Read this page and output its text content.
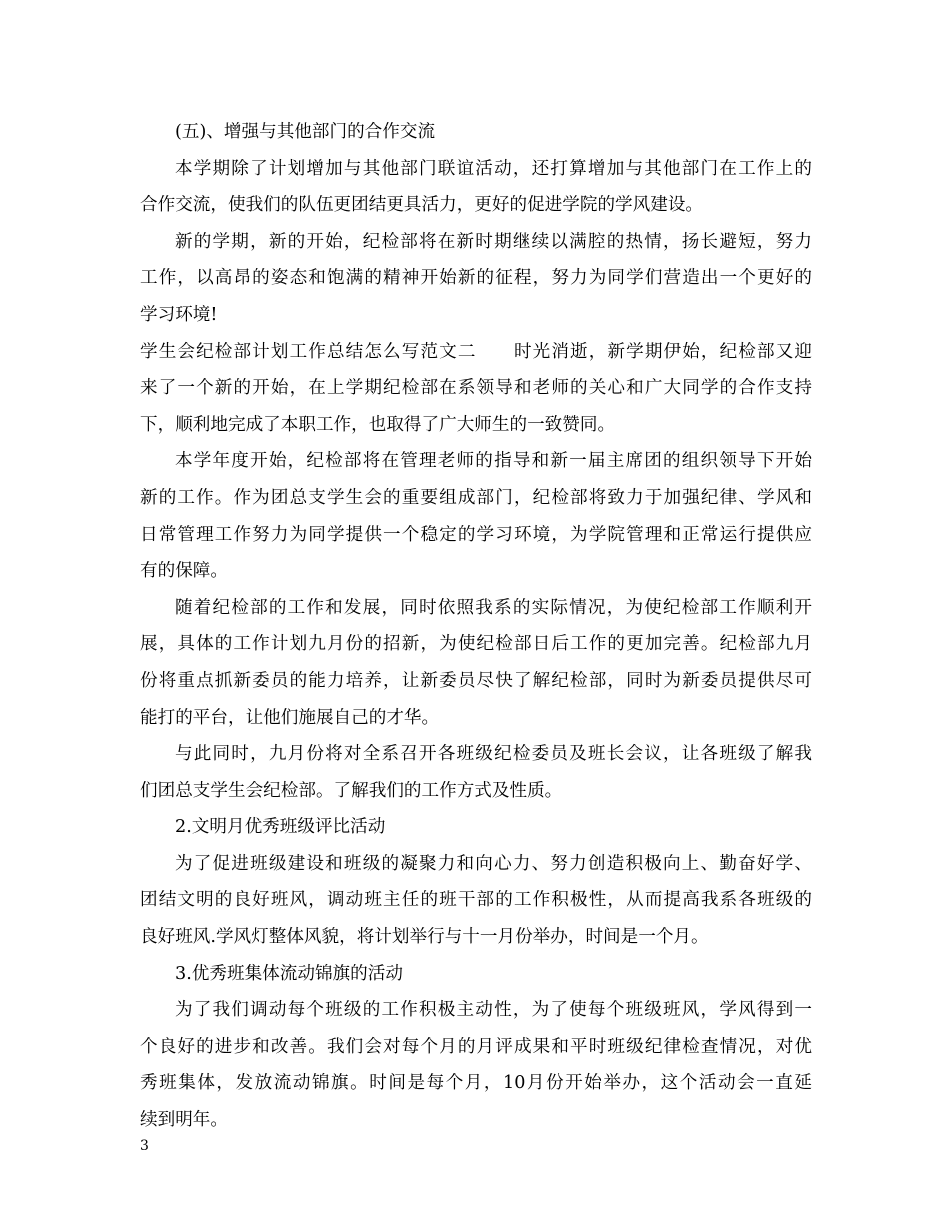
(五)、增强与其他部门的合作交流
本学期除了计划增加与其他部门联谊活动，还打算增加与其他部门在工作上的
合作交流，使我们的队伍更团结更具活力，更好的促进学院的学风建设。
新的学期，新的开始，纪检部将在新时期继续以满腔的热情，扬长避短，努力
工作，以高昂的姿态和饱满的精神开始新的征程，努力为同学们营造出一个更好的
学习环境!
学生会纪检部计划工作总结怎么写范文二　　时光消逝，新学期伊始，纪检部又迎
来了一个新的开始，在上学期纪检部在系领导和老师的关心和广大同学的合作支持
下，顺利地完成了本职工作，也取得了广大师生的一致赞同。
本学年度开始，纪检部将在管理老师的指导和新一届主席团的组织领导下开始
新的工作。作为团总支学生会的重要组成部门，纪检部将致力于加强纪律、学风和
日常管理工作努力为同学提供一个稳定的学习环境，为学院管理和正常运行提供应
有的保障。
随着纪检部的工作和发展，同时依照我系的实际情况，为使纪检部工作顺利开
展，具体的工作计划九月份的招新，为使纪检部日后工作的更加完善。纪检部九月
份将重点抓新委员的能力培养，让新委员尽快了解纪检部，同时为新委员提供尽可
能打的平台，让他们施展自己的才华。
与此同时，九月份将对全系召开各班级纪检委员及班长会议，让各班级了解我
们团总支学生会纪检部。了解我们的工作方式及性质。
2.文明月优秀班级评比活动
为了促进班级建设和班级的凝聚力和向心力、努力创造积极向上、勤奋好学、
团结文明的良好班风，调动班主任的班干部的工作积极性，从而提高我系各班级的
良好班风.学风灯整体风貌，将计划举行与十一月份举办，时间是一个月。
3.优秀班集体流动锦旗的活动
为了我们调动每个班级的工作积极主动性，为了使每个班级班风，学风得到一
个良好的进步和改善。我们会对每个月的月评成果和平时班级纪律检查情况，对优
秀班集体，发放流动锦旗。时间是每个月，10月份开始举办，这个活动会一直延
续到明年。
3
